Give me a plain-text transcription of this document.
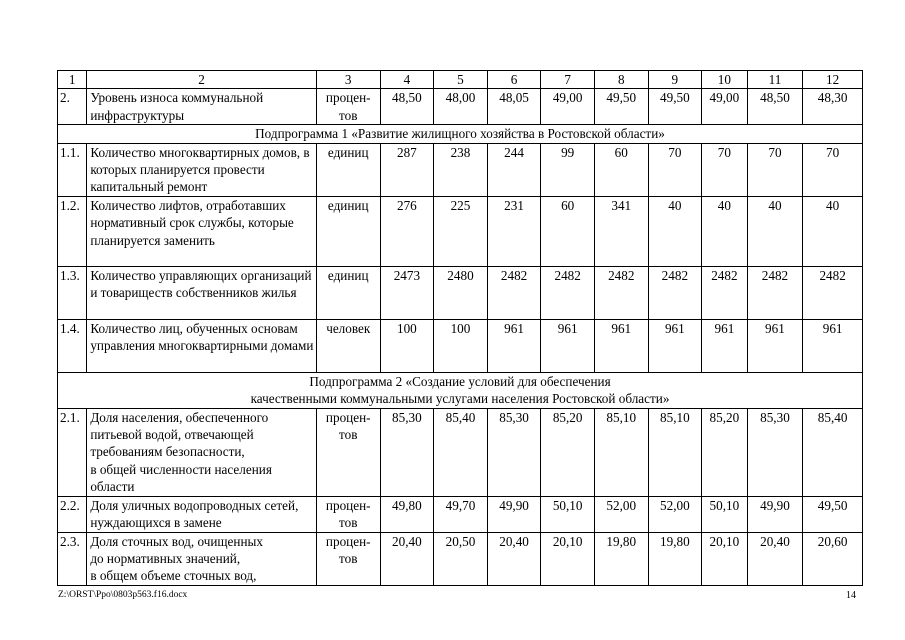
1	2	3	4	5	6	7	8	9	10	11	12
2.	Уровень износа коммунальной инфраструктуры	процен-тов	48,50	48,00	48,05	49,00	49,50	49,50	49,00	48,50	48,30
Подпрограмма 1 «Развитие жилищного хозяйства в Ростовской области»											
1.1.	Количество многоквартирных домов, в которых планируется провести капитальный ремонт	единиц	287	238	244	99	60	70	70	70	70
1.2.	Количество лифтов, отработавших нормативный срок службы, которые планируется заменить	единиц	276	225	231	60	341	40	40	40	40
1.3.	Количество управляющих организаций и товариществ собственников жилья	единиц	2473	2480	2482	2482	2482	2482	2482	2482	2482
1.4.	Количество лиц, обученных основам управления многоквартирными домами	человек	100	100	961	961	961	961	961	961	961

Подпрограмма 2 «Создание условий для обеспечения
качественными коммунальными услугами населения Ростовской области»											

2.1.	Доля населения, обеспеченного
питьевой водой, отвечающей
требованиям безопасности,
в общей численности населения
области	процен-тов	85,30	85,40	85,30	85,20	85,10	85,10	85,20	85,30	85,40
2.2.	Доля уличных водопроводных сетей, нуждающихся в замене	процен-тов	49,80	49,70	49,90	50,10	52,00	52,00	50,10	49,90	49,50
2.3.	Доля сточных вод, очищенных
до нормативных значений,
в общем объеме сточных вод,	процен-тов	20,40	20,50	20,40	20,10	19,80	19,80	20,10	20,40	20,60
Z:\ORST\Ppo\0803p563.f16.docx	14
